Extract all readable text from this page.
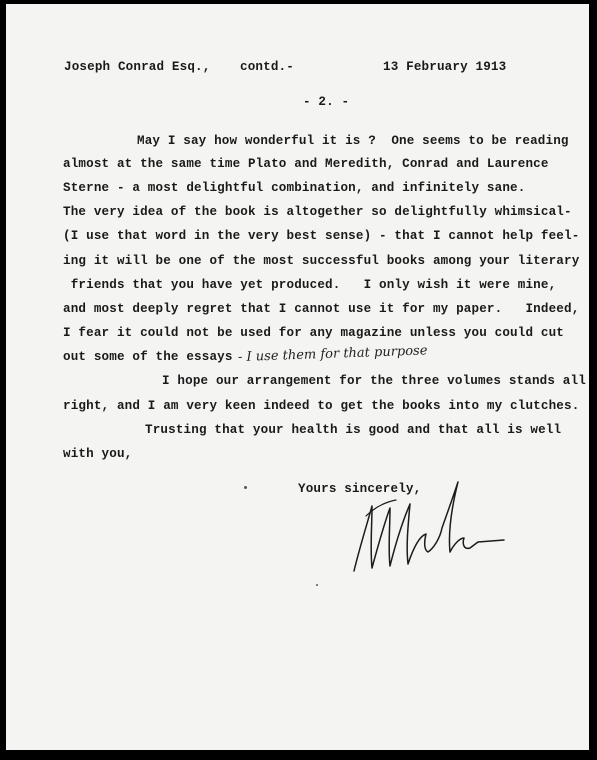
Joseph Conrad Esq., contd.-	13 February 1913
- 2. -
May I say how wonderful it is ?  One seems to be reading
almost at the same time Plato and Meredith, Conrad and Laurence
Sterne - a most delightful combination, and infinitely sane.
The very idea of the book is altogether so delightfully whimsical-
(I use that word in the very best sense) - that I cannot help feel-
ing it will be one of the most successful books among your literary
friends that you have yet produced.   I only wish it were mine,
and most deeply regret that I cannot use it for my paper.   Indeed,
I fear it could not be used for any magazine unless you could cut
out some of the essays - I use them for that purpose
I hope our arrangement for the three volumes stands all
right, and I am very keen indeed to get the books into my clutches.
Trusting that your health is good and that all is well
with you,
Yours sincerely,
